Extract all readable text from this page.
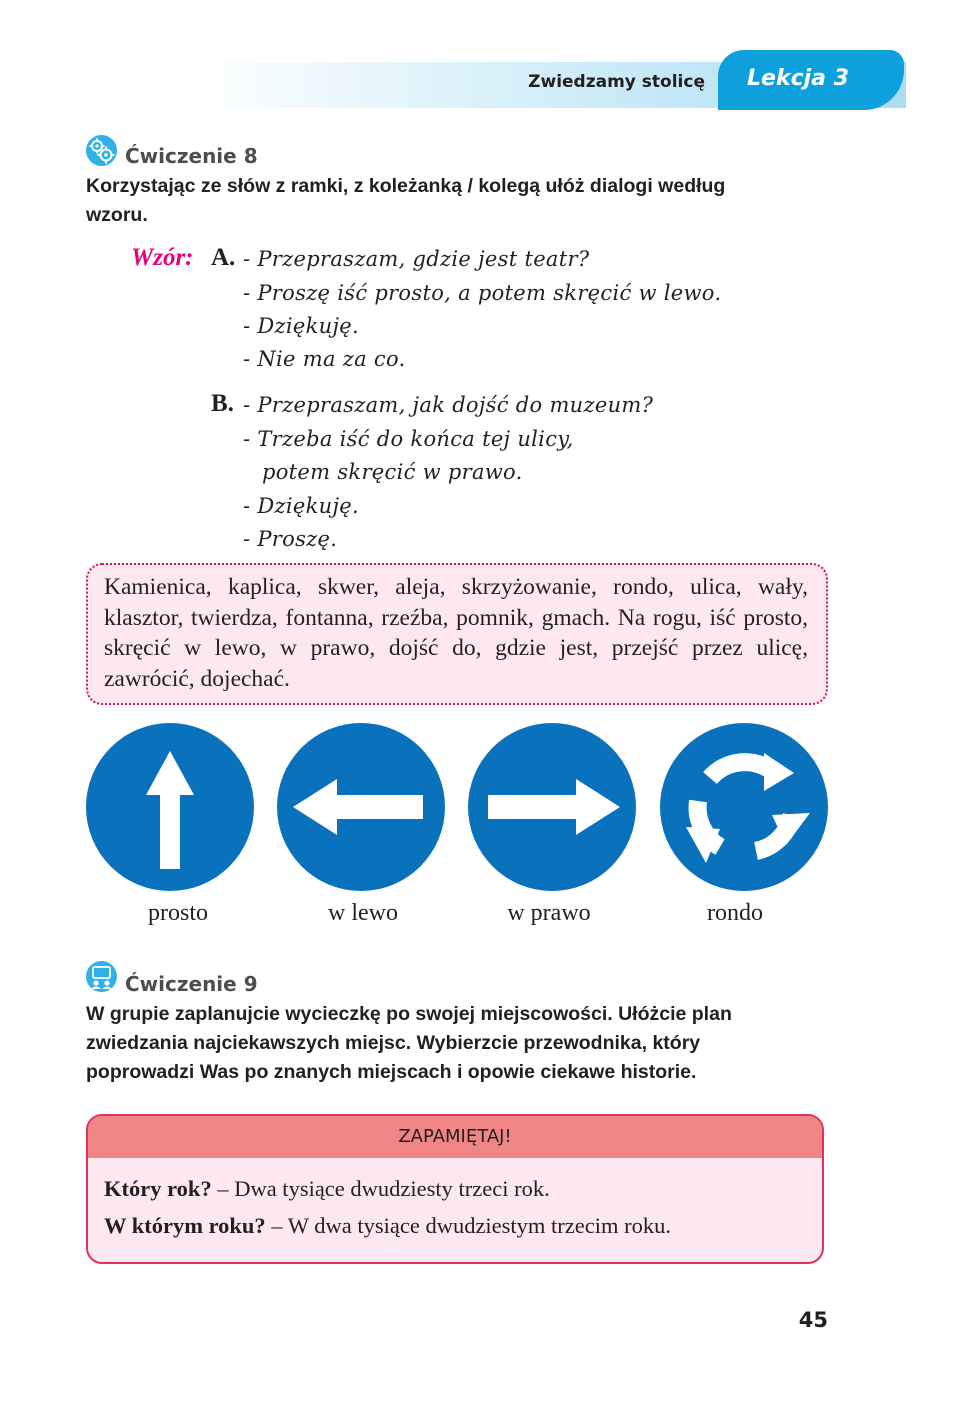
Zwiedzamy stolicę	Lekcja 3
Ćwiczenie 8
Korzystając ze słów z ramki, z koleżanką / kolegą ułóż dialogi według
wzoru.
Wzór: A. - Przepraszam, gdzie jest teatr?
- Proszę iść prosto, a potem skręcić w lewo.
- Dziękuję.
- Nie ma za co.
B. - Przepraszam, jak dojść do muzeum?
- Trzeba iść do końca tej ulicy,
potem skręcić w prawo.
- Dziękuję.
- Proszę.
Kamienica, kaplica, skwer, aleja, skrzyżowanie, rondo, ulica, wały, klasztor, twierdza, fontanna, rzeźba, pomnik, gmach. Na rogu, iść prosto, skręcić w lewo, w prawo, dojść do, gdzie jest, przejść przez ulicę, zawrócić, dojechać.
prosto	w lewo	w prawo	rondo
Ćwiczenie 9
W grupie zaplanujcie wycieczkę po swojej miejscowości. Ułóżcie plan
zwiedzania najciekawszych miejsc. Wybierzcie przewodnika, który
poprowadzi Was po znanych miejscach i opowie ciekawe historie.
ZAPAMIĘTAJ!
Który rok? – Dwa tysiące dwudziesty trzeci rok.
W którym roku? – W dwa tysiące dwudziestym trzecim roku.
45
